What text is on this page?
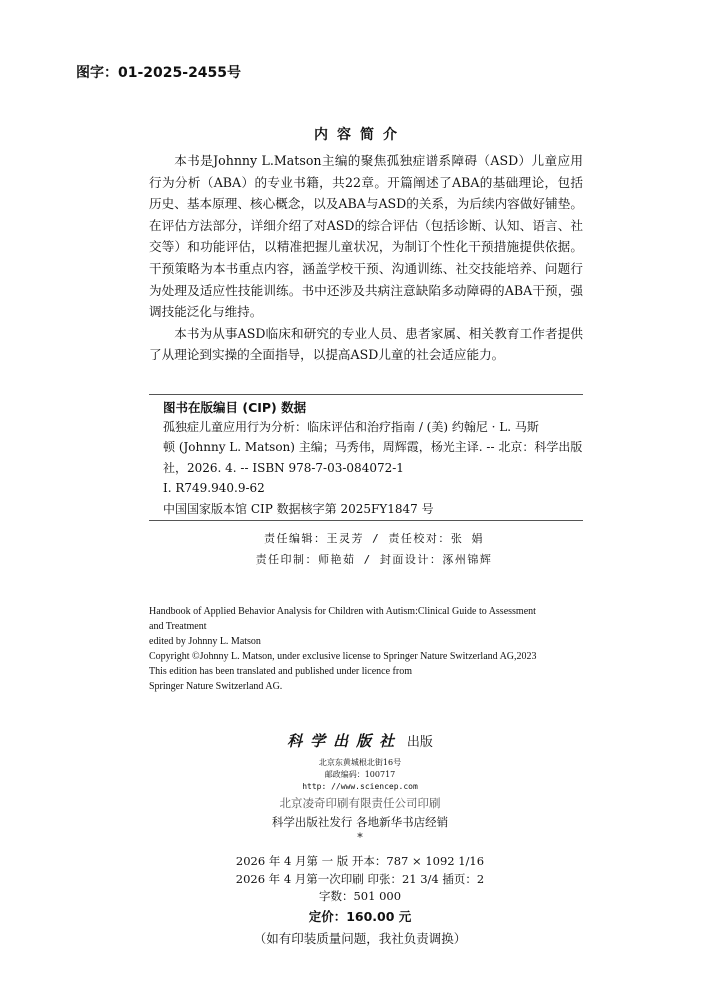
图字：01-2025-2455号
内容简介

本书是Johnny L.Matson主编的聚焦孤独症谱系障碍（ASD）儿童应用行为分析（ABA）的专业书籍，共22章。开篇阐述了ABA的基础理论，包括历史、基本原理、核心概念，以及ABA与ASD的关系，为后续内容做好铺垫。在评估方法部分，详细介绍了对ASD的综合评估（包括诊断、认知、语言、社交等）和功能评估，以精准把握儿童状况，为制订个性化干预措施提供依据。干预策略为本书重点内容，涵盖学校干预、沟通训练、社交技能培养、问题行为处理及适应性技能训练。书中还涉及共病注意缺陷多动障碍的ABA干预，强调技能泛化与维持。

本书为从事ASD临床和研究的专业人员、患者家属、相关教育工作者提供了从理论到实操的全面指导，以提高ASD儿童的社会适应能力。

图书在版编目 (CIP) 数据
孤独症儿童应用行为分析：临床评估和治疗指南 / (美) 约翰尼 · L. 马斯
顿 (Johnny L. Matson) 主编；马秀伟，周辉霞，杨光主译. -- 北京：科学出版
社，2026. 4. -- ISBN 978-7-03-084072-1
Ⅰ. R749.940.9-62
中国国家版本馆 CIP 数据核字第 2025FY1847 号
责任编辑：王灵芳 / 责任校对：张 娟
责任印制：师艳茹 / 封面设计：涿州锦辉
Handbook of Applied Behavior Analysis for Children with Autism:Clinical Guide to Assessment
and Treatment
edited by Johnny L. Matson
Copyright ©Johnny L. Matson, under exclusive license to Springer Nature Switzerland AG,2023
This edition has been translated and published under licence from
Springer Nature Switzerland AG.
科学出版社 出版
北京东黄城根北街16号
邮政编码：100717
http: //www.sciencep.com
北京凌奇印刷有限责任公司印刷
科学出版社发行 各地新华书店经销
*
2026 年 4 月第 一 版 开本：787 × 1092 1/16
2026 年 4 月第一次印刷 印张：21 3/4 插页：2
字数：501 000
定价：160.00 元
（如有印装质量问题，我社负责调换）
